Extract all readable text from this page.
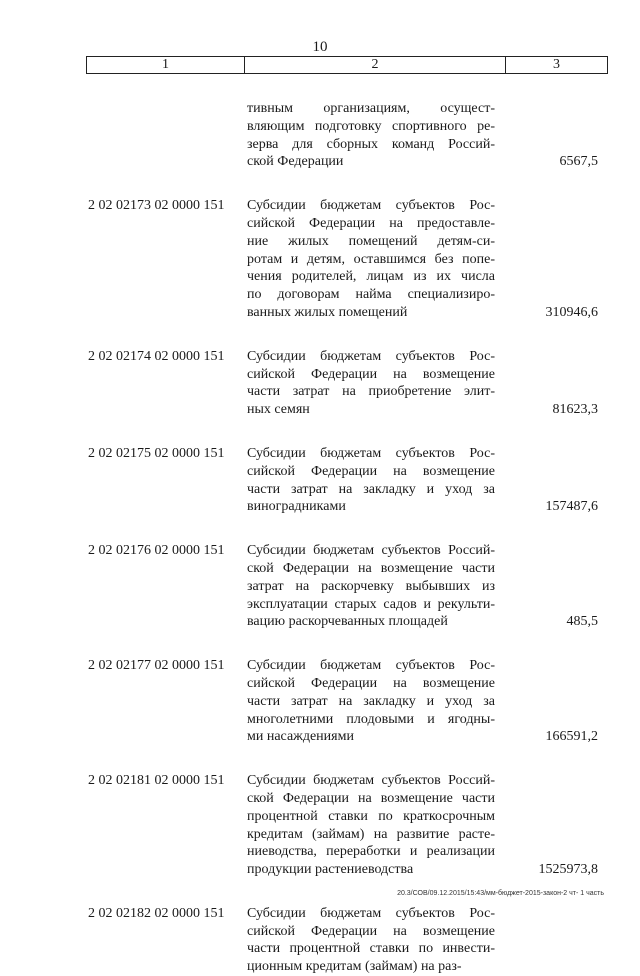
10
1	2	3
тивным организациям, осущест-
вляющим подготовку спортивного ре-
зерва для сборных команд Россий-
ской Федерации	6567,5
2 02 02173 02 0000 151	Субсидии бюджетам субъектов Рос-
сийской Федерации на предоставле-
ние жилых помещений детям-си-
ротам и детям, оставшимся без попе-
чения родителей, лицам из их числа
по договорам найма специализиро-
ванных жилых помещений	310946,6
2 02 02174 02 0000 151	Субсидии бюджетам субъектов Рос-
сийской Федерации на возмещение
части затрат на приобретение элит-
ных семян	81623,3
2 02 02175 02 0000 151	Субсидии бюджетам субъектов Рос-
сийской Федерации на возмещение
части затрат на закладку и уход за
виноградниками	157487,6
2 02 02176 02 0000 151	Субсидии бюджетам субъектов Россий-
ской Федерации на возмещение части
затрат на раскорчевку выбывших из
эксплуатации старых садов и рекульти-
вацию раскорчеванных площадей	485,5
2 02 02177 02 0000 151	Субсидии бюджетам субъектов Рос-
сийской Федерации на возмещение
части затрат на закладку и уход за
многолетними плодовыми и ягодны-
ми насаждениями	166591,2
2 02 02181 02 0000 151	Субсидии бюджетам субъектов Россий-
ской Федерации на возмещение части
процентной ставки по краткосрочным
кредитам (займам) на развитие расте-
ниеводства, переработки и реализации
продукции растениеводства	1525973,8
2 02 02182 02 0000 151	Субсидии бюджетам субъектов Рос-
сийской Федерации на возмещение
части процентной ставки по инвести-
ционным кредитам (займам) на раз-
20.3/СОВ/09.12.2015/15:43/мм-бюджет-2015-закон-2 чт- 1 часть
